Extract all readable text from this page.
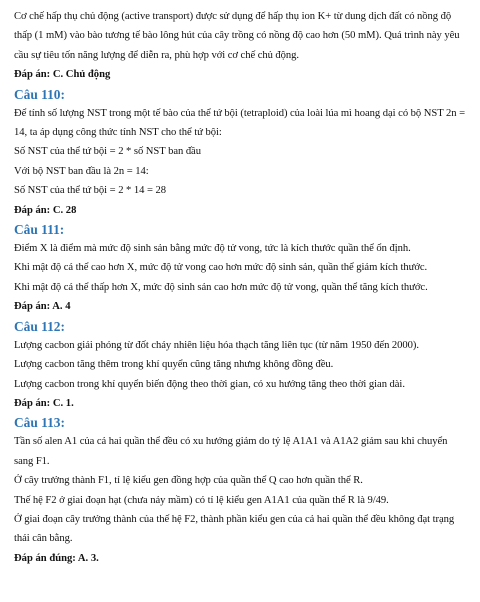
Cơ chế hấp thụ chủ động (active transport) được sử dụng để hấp thụ ion K+ từ dung dịch đất có nồng độ thấp (1 mM) vào bào tương tế bào lông hút của cây trồng có nồng độ cao hơn (50 mM). Quá trình này yêu cầu sự tiêu tốn năng lượng để diễn ra, phù hợp với cơ chế chủ động.

Đáp án: C. Chủ động

Câu 110:

Để tính số lượng NST trong một tế bào của thể tứ bội (tetraploid) của loài lúa mì hoang dại có bộ NST 2n = 14, ta áp dụng công thức tính NST cho thể tứ bội:

Số NST của thể tứ bội = 2 * số NST ban đầu

Với bộ NST ban đầu là 2n = 14:

Số NST của thể tứ bội = 2 * 14 = 28

Đáp án: C. 28

Câu 111:

Điểm X là điểm mà mức độ sinh sản bằng mức độ tử vong, tức là kích thước quần thể ổn định.

Khi mật độ cá thể cao hơn X, mức độ tử vong cao hơn mức độ sinh sản, quần thể giảm kích thước.

Khi mật độ cá thể thấp hơn X, mức độ sinh sản cao hơn mức độ tử vong, quần thể tăng kích thước.

Đáp án: A. 4

Câu 112:

Lượng cacbon giải phóng từ đốt cháy nhiên liệu hóa thạch tăng liên tục (từ năm 1950 đến 2000).

Lượng cacbon tăng thêm trong khí quyển cũng tăng nhưng không đồng đều.

Lượng cacbon trong khí quyển biến động theo thời gian, có xu hướng tăng theo thời gian dài.

Đáp án: C. 1.

Câu 113:

Tần số alen A1 của cả hai quần thể đều có xu hướng giảm do tỷ lệ A1A1 và A1A2 giảm sau khi chuyển sang F1.

Ở cây trưởng thành F1, tỉ lệ kiểu gen đồng hợp của quần thể Q cao hơn quần thể R.

Thế hệ F2 ở giai đoạn hạt (chưa nảy mầm) có tỉ lệ kiểu gen A1A1 của quần thể R là 9/49.

Ở giai đoạn cây trưởng thành của thế hệ F2, thành phần kiểu gen của cả hai quần thể đều không đạt trạng thái cân bằng.

Đáp án đúng: A. 3.
